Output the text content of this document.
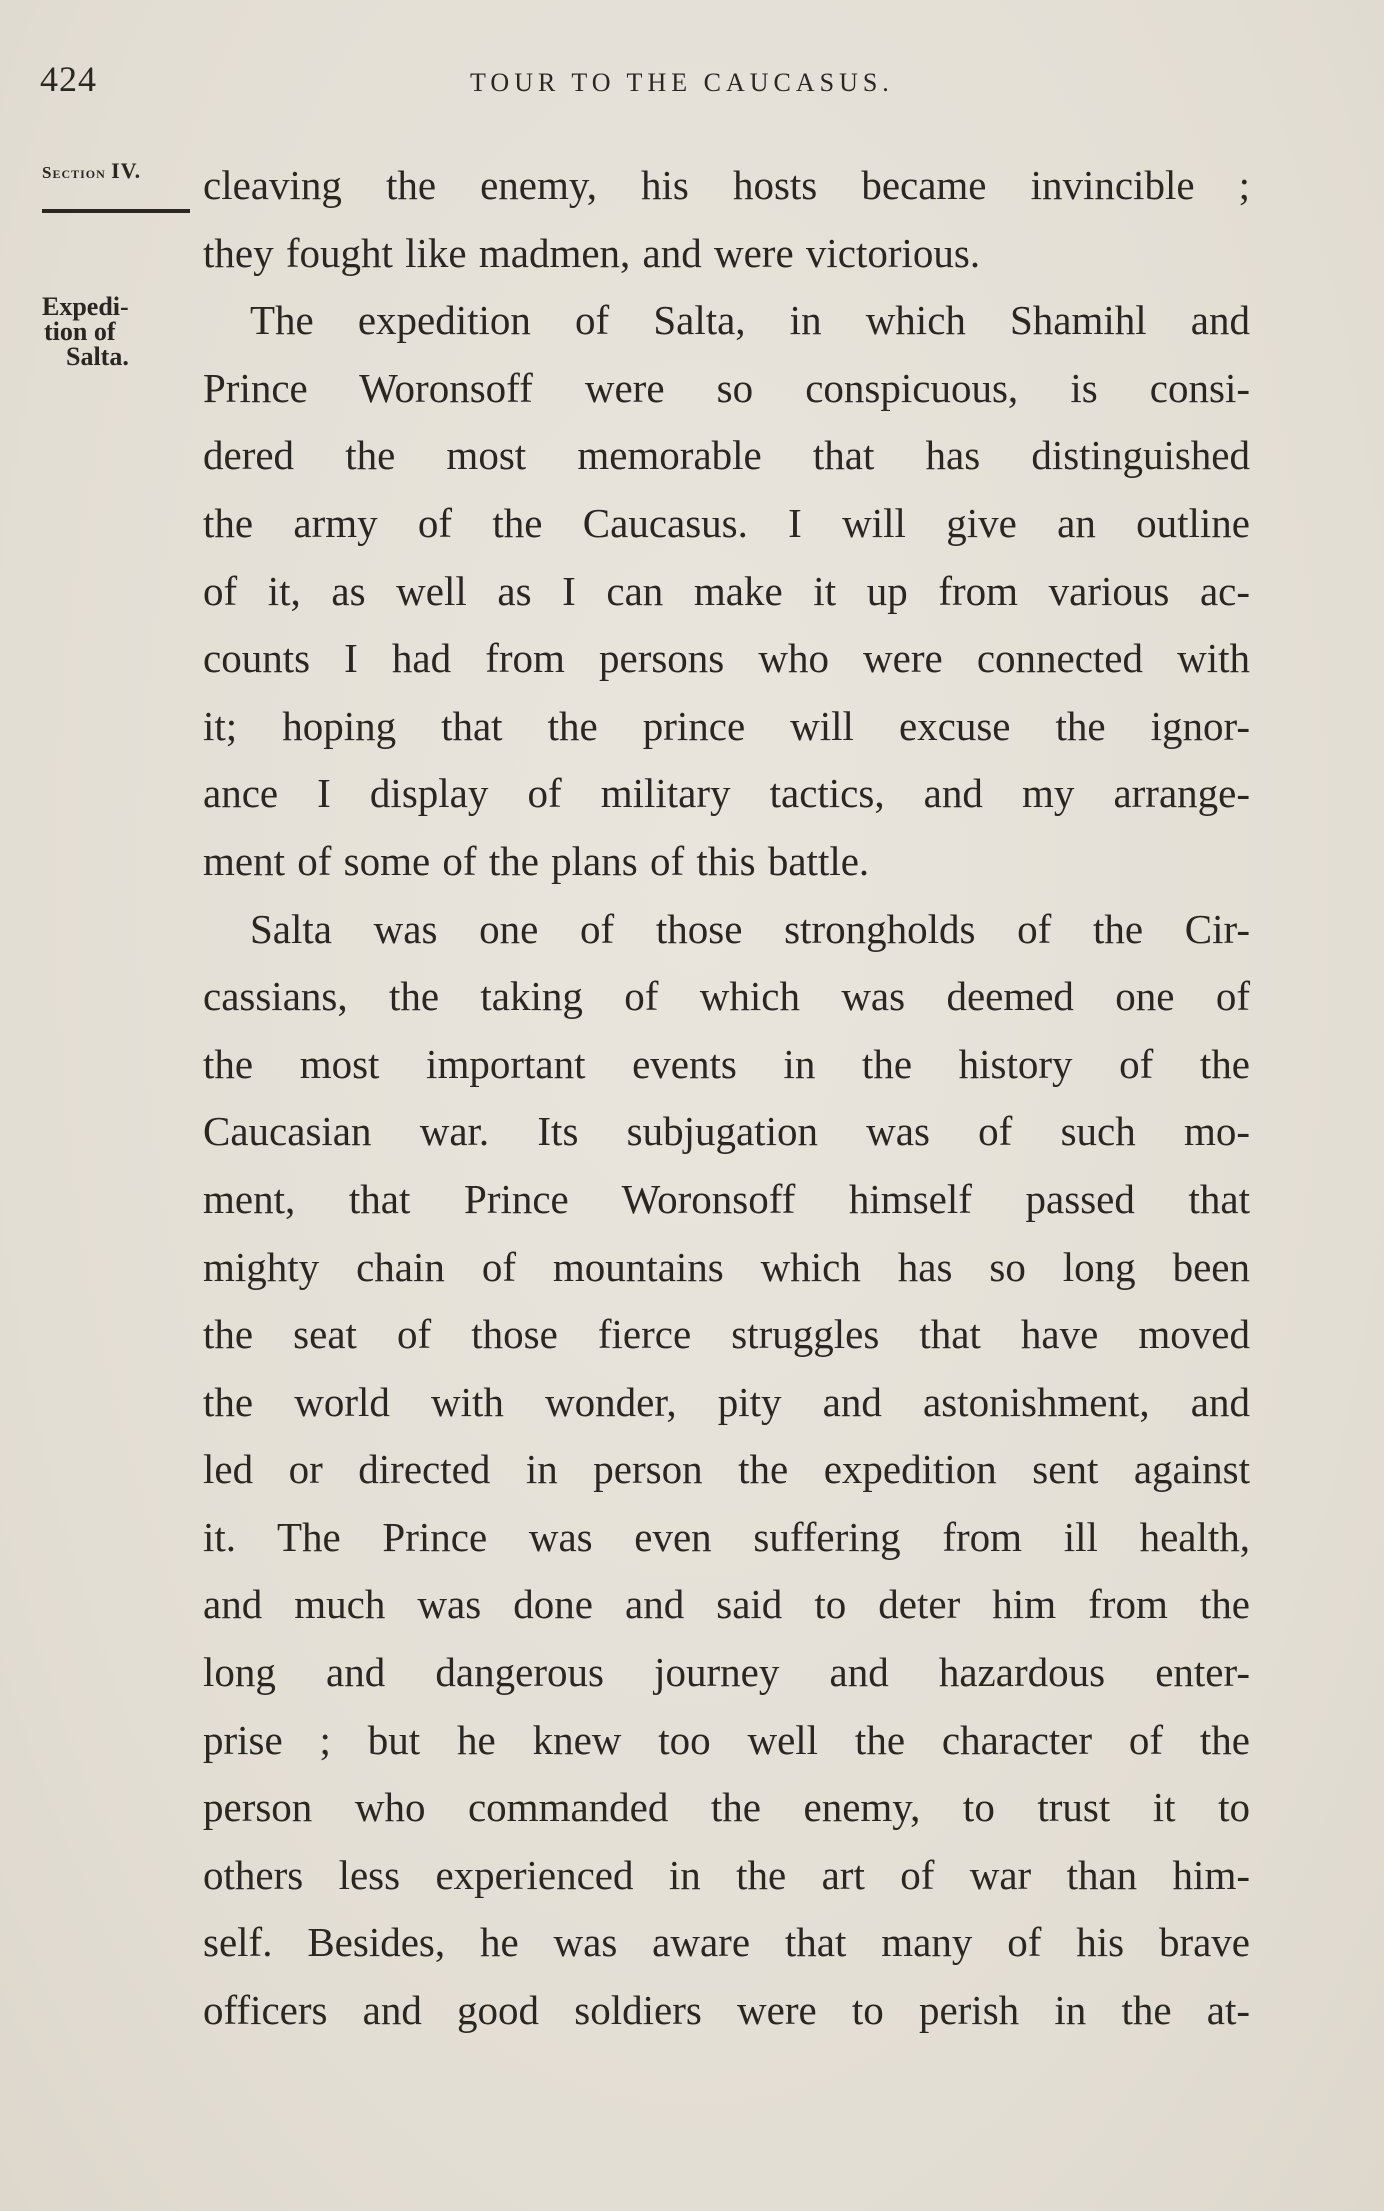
424	TOUR TO THE CAUCASUS.
Section IV.
Expedi-
tion of
Salta.
cleaving the enemy, his hosts became invincible ;
they fought like madmen, and were victorious.
The expedition of Salta, in which Shamihl and
Prince Woronsoff were so conspicuous, is consi-
dered the most memorable that has distinguished
the army of the Caucasus. I will give an outline
of it, as well as I can make it up from various ac-
counts I had from persons who were connected with
it; hoping that the prince will excuse the ignor-
ance I display of military tactics, and my arrange-
ment of some of the plans of this battle.
Salta was one of those strongholds of the Cir-
cassians, the taking of which was deemed one of
the most important events in the history of the
Caucasian war. Its subjugation was of such mo-
ment, that Prince Woronsoff himself passed that
mighty chain of mountains which has so long been
the seat of those fierce struggles that have moved
the world with wonder, pity and astonishment, and
led or directed in person the expedition sent against
it. The Prince was even suffering from ill health,
and much was done and said to deter him from the
long and dangerous journey and hazardous enter-
prise ; but he knew too well the character of the
person who commanded the enemy, to trust it to
others less experienced in the art of war than him-
self. Besides, he was aware that many of his brave
officers and good soldiers were to perish in the at-
